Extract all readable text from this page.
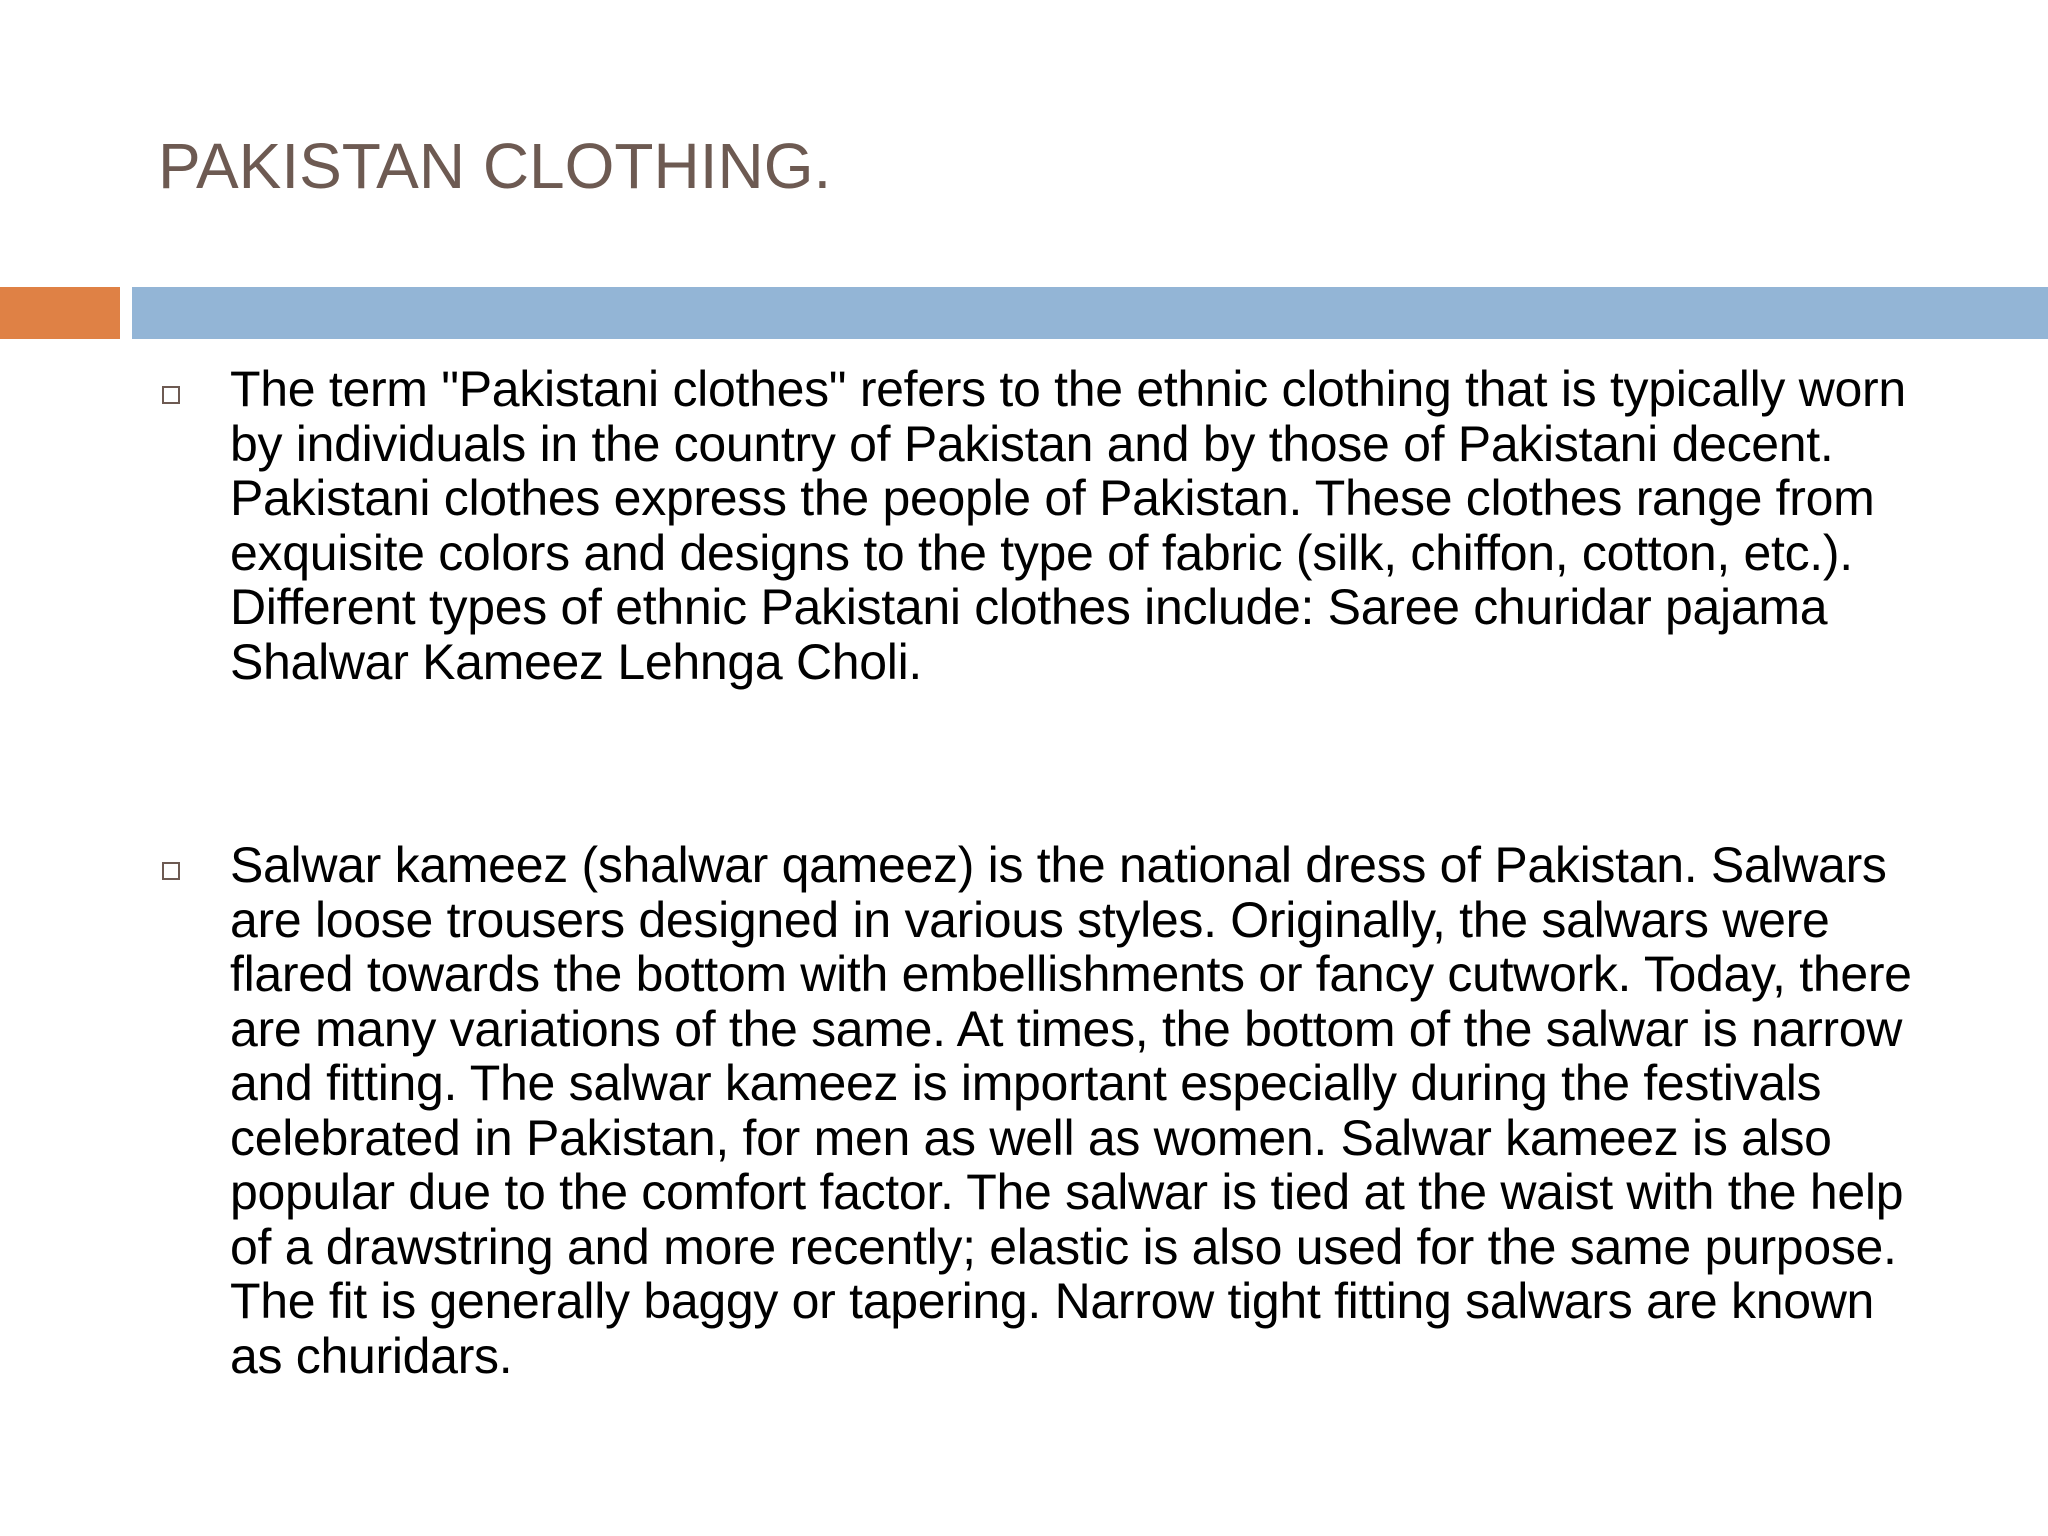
PAKISTAN CLOTHING.

The term "Pakistani clothes" refers to the ethnic clothing that is typically worn by individuals in the country of Pakistan and by those of Pakistani decent. Pakistani clothes express the people of Pakistan. These clothes range from exquisite colors and designs to the type of fabric (silk, chiffon, cotton, etc.). Different types of ethnic Pakistani clothes include: Saree churidar pajama Shalwar Kameez Lehnga Choli.

Salwar kameez (shalwar qameez) is the national dress of Pakistan. Salwars are loose trousers designed in various styles. Originally, the salwars were flared towards the bottom with embellishments or fancy cutwork. Today, there are many variations of the same. At times, the bottom of the salwar is narrow and fitting. The salwar kameez is important especially during the festivals celebrated in Pakistan, for men as well as women. Salwar kameez is also popular due to the comfort factor. The salwar is tied at the waist with the help of a drawstring and more recently; elastic is also used for the same purpose. The fit is generally baggy or tapering. Narrow tight fitting salwars are known as churidars.
